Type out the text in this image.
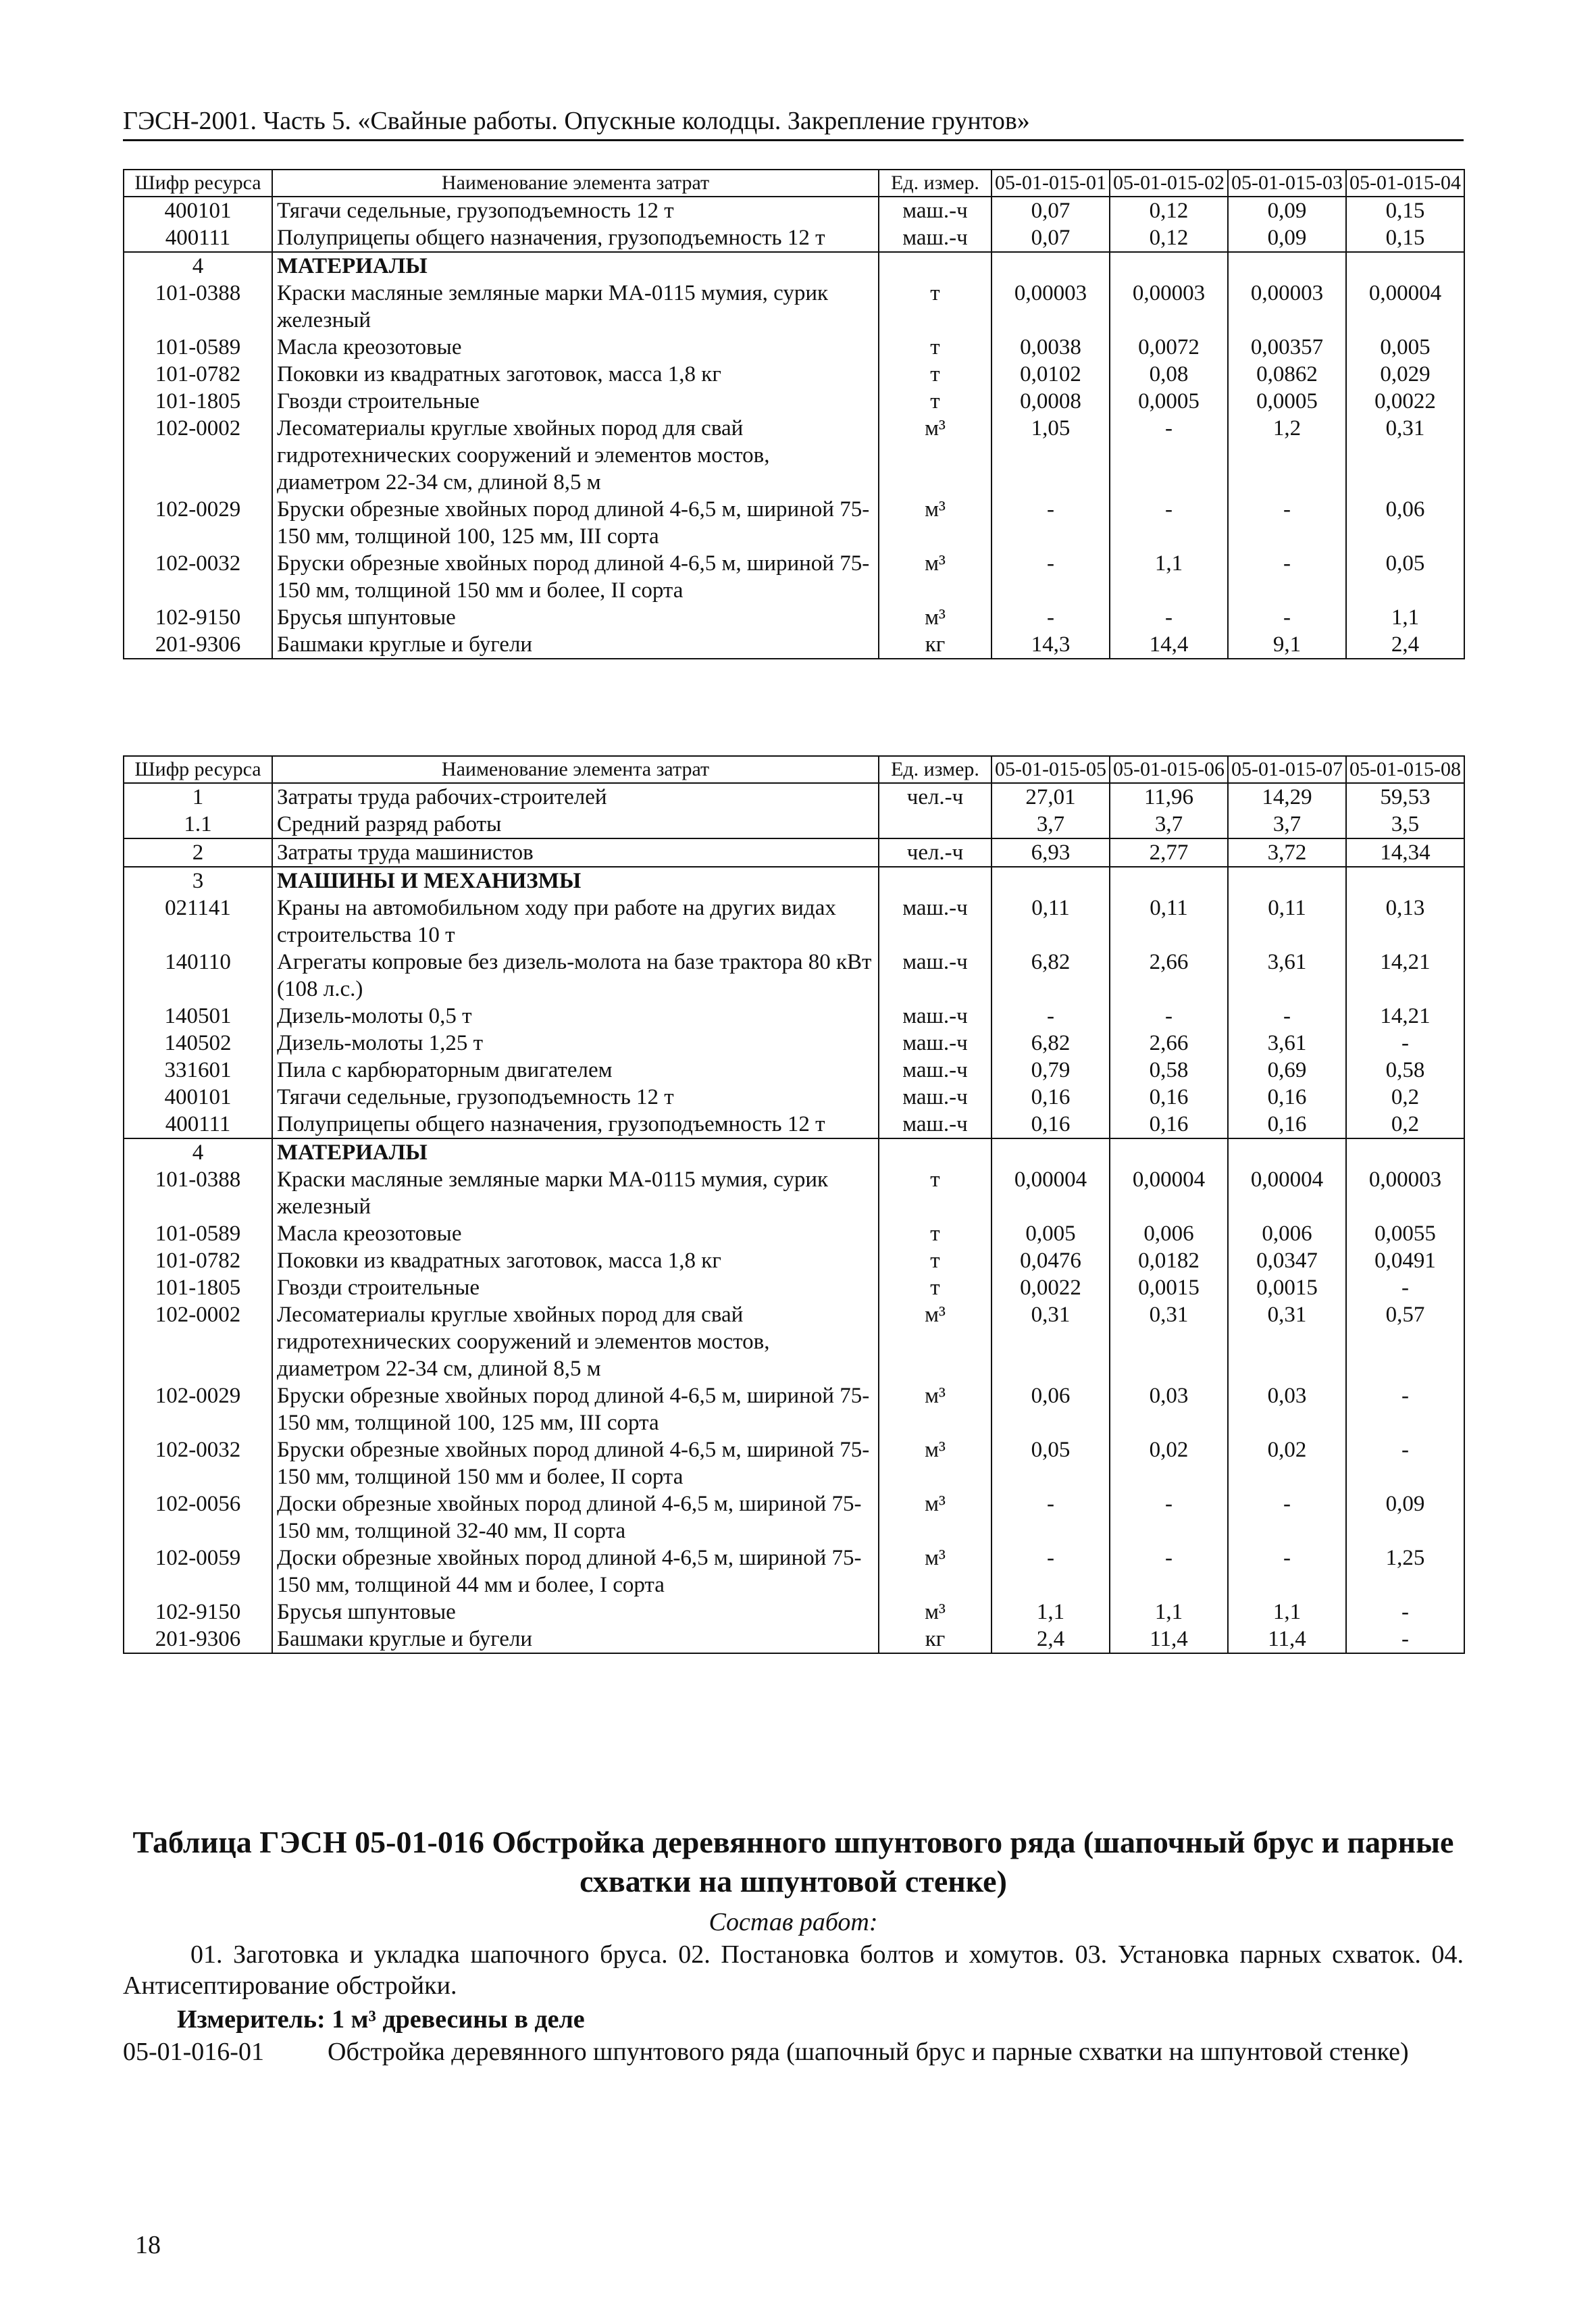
ГЭСН-2001. Часть 5. «Свайные работы. Опускные колодцы. Закрепление грунтов»
Шифр ресурса	Наименование элемента затрат	Ед. измер.	05-01-015-01	05-01-015-02	05-01-015-03	05-01-015-04
400101	Тягачи седельные, грузоподъемность 12 т	маш.-ч	0,07	0,12	0,09	0,15
400111	Полуприцепы общего назначения, грузоподъемность 12 т	маш.-ч	0,07	0,12	0,09	0,15
4	МАТЕРИАЛЫ					
101-0388	Краски масляные земляные марки МА-0115 мумия, сурик железный	т	0,00003	0,00003	0,00003	0,00004
101-0589	Масла креозотовые	т	0,0038	0,0072	0,00357	0,005
101-0782	Поковки из квадратных заготовок, масса 1,8 кг	т	0,0102	0,08	0,0862	0,029
101-1805	Гвозди строительные	т	0,0008	0,0005	0,0005	0,0022
102-0002	Лесоматериалы круглые хвойных пород для свай гидротехнических сооружений и элементов мостов, диаметром 22-34 см, длиной 8,5 м	м³	1,05	-	1,2	0,31
102-0029	Бруски обрезные хвойных пород длиной 4-6,5 м, шириной 75-150 мм, толщиной 100, 125 мм, III сорта	м³	-	-	-	0,06
102-0032	Бруски обрезные хвойных пород длиной 4-6,5 м, шириной 75-150 мм, толщиной 150 мм и более, II сорта	м³	-	1,1	-	0,05
102-9150	Брусья шпунтовые	м³	-	-	-	1,1
201-9306	Башмаки круглые и бугели	кг	14,3	14,4	9,1	2,4
Шифр ресурса	Наименование элемента затрат	Ед. измер.	05-01-015-05	05-01-015-06	05-01-015-07	05-01-015-08
1	Затраты труда рабочих-строителей	чел.-ч	27,01	11,96	14,29	59,53
1.1	Средний разряд работы		3,7	3,7	3,7	3,5
2	Затраты труда машинистов	чел.-ч	6,93	2,77	3,72	14,34
3	МАШИНЫ И МЕХАНИЗМЫ					
021141	Краны на автомобильном ходу при работе на других видах строительства 10 т	маш.-ч	0,11	0,11	0,11	0,13
140110	Агрегаты копровые без дизель-молота на базе трактора 80 кВт (108 л.с.)	маш.-ч	6,82	2,66	3,61	14,21
140501	Дизель-молоты 0,5 т	маш.-ч	-	-	-	14,21
140502	Дизель-молоты 1,25 т	маш.-ч	6,82	2,66	3,61	-
331601	Пила с карбюраторным двигателем	маш.-ч	0,79	0,58	0,69	0,58
400101	Тягачи седельные, грузоподъемность 12 т	маш.-ч	0,16	0,16	0,16	0,2
400111	Полуприцепы общего назначения, грузоподъемность 12 т	маш.-ч	0,16	0,16	0,16	0,2
4	МАТЕРИАЛЫ					
101-0388	Краски масляные земляные марки МА-0115 мумия, сурик железный	т	0,00004	0,00004	0,00004	0,00003
101-0589	Масла креозотовые	т	0,005	0,006	0,006	0,0055
101-0782	Поковки из квадратных заготовок, масса 1,8 кг	т	0,0476	0,0182	0,0347	0,0491
101-1805	Гвозди строительные	т	0,0022	0,0015	0,0015	-
102-0002	Лесоматериалы круглые хвойных пород для свай гидротехнических сооружений и элементов мостов, диаметром 22-34 см, длиной 8,5 м	м³	0,31	0,31	0,31	0,57
102-0029	Бруски обрезные хвойных пород длиной 4-6,5 м, шириной 75-150 мм, толщиной 100, 125 мм, III сорта	м³	0,06	0,03	0,03	-
102-0032	Бруски обрезные хвойных пород длиной 4-6,5 м, шириной 75-150 мм, толщиной 150 мм и более, II сорта	м³	0,05	0,02	0,02	-
102-0056	Доски обрезные хвойных пород длиной 4-6,5 м, шириной 75-150 мм, толщиной 32-40 мм, II сорта	м³	-	-	-	0,09
102-0059	Доски обрезные хвойных пород длиной 4-6,5 м, шириной 75-150 мм, толщиной 44 мм и более, I сорта	м³	-	-	-	1,25
102-9150	Брусья шпунтовые	м³	1,1	1,1	1,1	-
201-9306	Башмаки круглые и бугели	кг	2,4	11,4	11,4	-
Таблица ГЭСН 05-01-016 Обстройка деревянного шпунтового ряда (шапочный брус и парные схватки на шпунтовой стенке)
Состав работ:
01. Заготовка и укладка шапочного бруса. 02. Постановка болтов и хомутов. 03. Установка парных схваток. 04. Антисептирование обстройки.
Измеритель: 1 м³ древесины в деле
05-01-016-01 Обстройка деревянного шпунтового ряда (шапочный брус и парные схватки на шпунтовой стенке)
18
